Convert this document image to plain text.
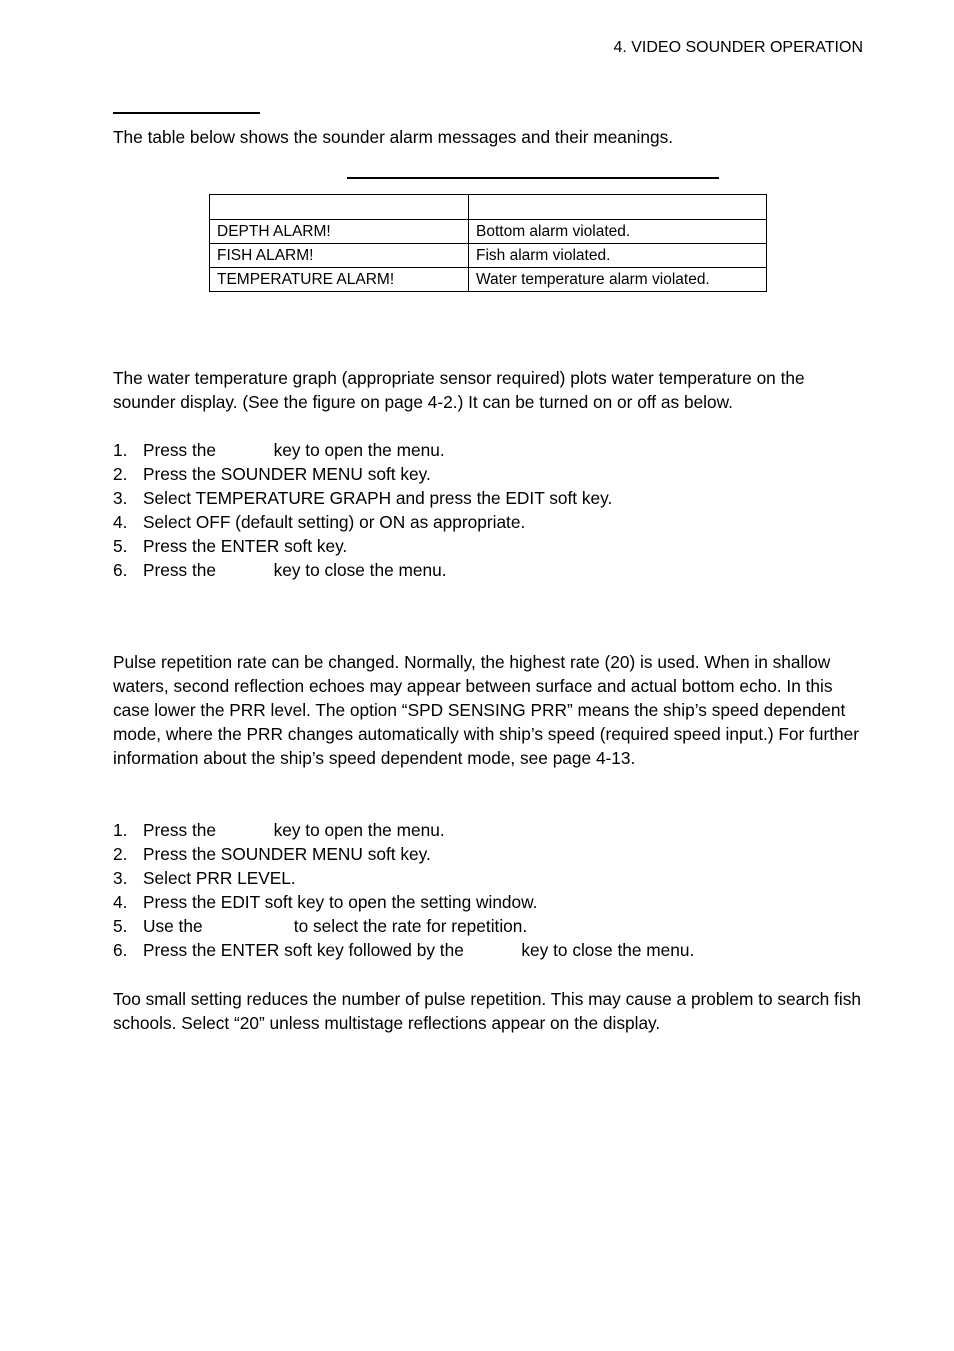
4. VIDEO SOUNDER OPERATION
The table below shows the sounder alarm messages and their meanings.

DEPTH ALARM!	Bottom alarm violated.
FISH ALARM!	Fish alarm violated.
TEMPERATURE ALARM!	Water temperature alarm violated.
The water temperature graph (appropriate sensor required) plots water temperature on the sounder display. (See the figure on page 4-2.) It can be turned on or off as below.
1. Press the            key to open the menu.
2. Press the SOUNDER MENU soft key.
3. Select TEMPERATURE GRAPH and press the EDIT soft key.
4. Select OFF (default setting) or ON as appropriate.
5. Press the ENTER soft key.
6. Press the            key to close the menu.
Pulse repetition rate can be changed. Normally, the highest rate (20) is used. When in shallow waters, second reflection echoes may appear between surface and actual bottom echo. In this case lower the PRR level. The option “SPD SENSING PRR” means the ship’s speed dependent mode, where the PRR changes automatically with ship’s speed (required speed input.) For further information about the ship’s speed dependent mode, see page 4-13.
1. Press the            key to open the menu.
2. Press the SOUNDER MENU soft key.
3. Select PRR LEVEL.
4. Press the EDIT soft key to open the setting window.
5. Use the                   to select the rate for repetition.
6. Press the ENTER soft key followed by the            key to close the menu.
Too small setting reduces the number of pulse repetition. This may cause a problem to search fish schools. Select “20” unless multistage reflections appear on the display.
